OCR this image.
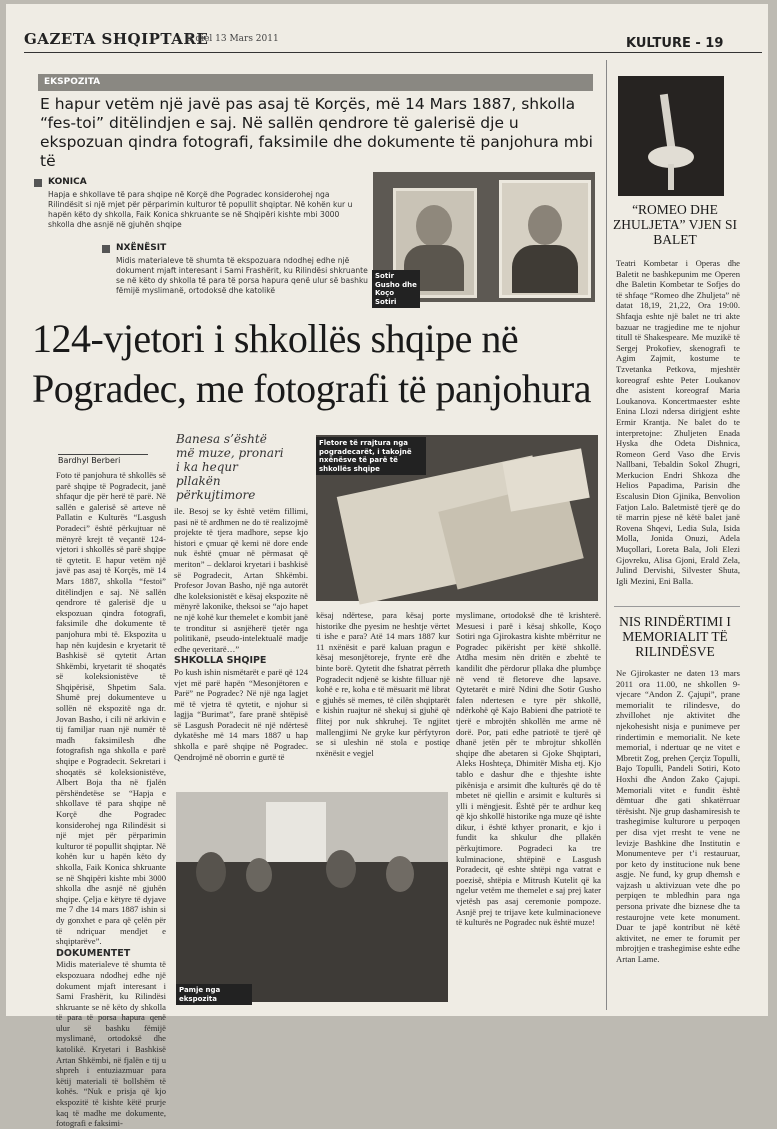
GAZETA SHQIPTARE
E diel 13 Mars 2011	KULTURE - 19
EKSPOZITA
E hapur vetëm një javë pas asaj të Korçës, më 14 Mars 1887, shkolla “fes-toi” ditëlindjen e saj. Në sallën qendrore të galerisë dje u ekspozuan qindra fotografi, faksimile dhe dokumente të panjohura mbi të
KONICA
Hapja e shkollave të para shqipe në Korçë dhe Pogradec konsiderohej nga Rilindësit si një mjet për përparimin kulturor të popullit shqiptar. Në kohën kur u hapën këto dy shkolla, Faik Konica shkruante se në Shqipëri kishte mbi 3000 shkolla dhe asnjë në gjuhën shqipe
NXËNËSIT
Midis materialeve të shumta të ekspozuara ndodhej edhe një dokument mjaft interesant i Sami Frashërit, ku Rilindësi shkruante se në këto dy shkolla të para të porsa hapura qenë ulur së bashku fëmijë myslimanë, ortodoksë dhe katolikë
Sotir Gusho dhe Koço Sotiri
124-vjetori i shkollës shqipe në Pogradec, me fotografi të panjohura
Bardhyl Berberi
Banesa s’është më muze, pronari i ka hequr pllakën përkujtimore
Fletore të rrajtura nga pogradecarët, i takojnë nxënësve të parë të shkollës shqipe
Foto të panjohura të shkollës së parë shqipe të Pogradecit, janë shfaqur dje për herë të parë. Në sallën e galerisë së arteve në Pallatin e Kulturës “Lasgush Poradeci” është përkujtuar në mënyrë krejt të veçantë 124-vjetori i shkollës së parë shqipe të qytetit. E hapur vetëm një javë pas asaj të Korçës, më 14 Mars 1887, shkolla “festoi” ditëlindjen e saj. Në sallën qendrore të galerisë dje u ekspozuan qindra fotografi, faksimile dhe dokumente të panjohura mbi të. Ekspozita u hap nën kujdesin e kryetarit të Bashkisë së qytetit Artan Shkëmbi, kryetarit të shoqatës së koleksionistëve të Shqipërisë, Shpetim Sala. Shumë prej dokumenteve u sollën në ekspozitë nga dr. Jovan Basho, i cili në arkivin e tij familjar ruan një numër të madh faksimilesh dhe fotografish nga shkolla e parë shqipe e Pogradecit. Sekretari i shoqatës së koleksionistëve, Albert Boja tha në fjalën përshëndetëse se “Hapja e shkollave të para shqipe në Korçë dhe Pogradec konsiderohej nga Rilindësit si një mjet për përparimin kulturor të popullit shqiptar. Në kohën kur u hapën këto dy shkolla, Faik Konica shkruante se në Shqipëri kishte mbi 3000 shkolla dhe asnjë në gjuhën shqipe. Çelja e këtyre të dyjave me 7 dhe 14 mars 1887 ishin si dy gonxhet e para që çelën për të ndriçuar mendjet e shqiptarëve”.
DOKUMENTET
Midis materialeve të shumta të ekspozuara ndodhej edhe një dokument mjaft interesant i Sami Frashërit, ku Rilindësi shkruante se në këto dy shkolla të para të porsa hapura qenë ulur së bashku fëmijë myslimanë, ortodoksë dhe katolikë. Kryetari i Bashkisë Artan Shkëmbi, në fjalën e tij u shpreh i entuziazmuar para këtij materiali të bollshëm të kohës. “Nuk e prisja që kjo ekspozitë të kishte këtë prurje kaq të madhe me dokumente, fotografi e faksimi-
ile. Besoj se ky është vetëm fillimi, pasi në të ardhmen ne do të realizojmë projekte të tjera madhore, sepse kjo histori e çmuar që kemi në dore ende nuk është çmuar në përmasat që meriton” – deklaroi kryetari i bashkisë së Pogradecit, Artan Shkëmbi. Profesor Jovan Basho, një nga autorët dhe koleksionistët e kësaj ekspozite në mënyrë lakonike, theksoi se “ajo hapet ne një kohë kur themelet e kombit janë te tronditur si asnjëherë tjetër nga politikanë, pseudo-intelektualë madje edhe qeveritarë…”
SHKOLLA SHQIPE
Po kush ishin nismëtarët e parë që 124 vjet më parë hapën “Mesonjëtoren e Parë” ne Pogradec? Në një nga lagjet më të vjetra të qytetit, e njohur si lagjja “Burimat”, fare pranë shtëpisë së Lasgush Poradecit në një ndërtesë dykatëshe më 14 mars 1887 u hap shkolla e parë shqipe në Pogradec. Qendrojmë në oborrin e gurtë të
kësaj ndërtese, para kësaj porte historike dhe pyesim ne heshtje vërtet ti ishe e para? Atë 14 mars 1887 kur 11 nxënësit e parë kaluan pragun e kësaj mesonjëtoreje, frynte erë dhe binte borë. Qytetit dhe fshatrat përreth Pogradecit ndjenë se kishte filluar një kohë e re, koha e të mësuarit më librat e gjuhës së memes, të cilën shqiptarët e kishin ruajtur në shekuj si gjuhë që flitej por nuk shkruhej. Te ngjitet mallengjimi Ne gryke kur përfytyron se si uleshin në stola e postiqe nxënësit e vegjel
myslimane, ortodoksë dhe të krishterë. Mesuesi i parë i kësaj shkolle, Koço Sotiri nga Gjirokastra kishte mbërritur ne Pogradec pikërisht per këtë shkollë. Atdha mesim nën dritën e zbehtë te kandilit dhe përdorur pllaka dhe plumbçe në vend të fletoreve dhe lapsave. Qytetarët e mirë Ndini dhe Sotir Gusho falen ndertesen e tyre për shkollë, ndërkohë që Kajo Babieni dhe patriotë te tjerë e mbrojtën shkollën me arme në dorë. Por, pati edhe patriotë te tjerë që dhanë jetën për te mbrojtur shkollën shqipe dhe abetaren si Gjoke Shqiptari, Aleks Hoshteça, Dhimitër Misha etj. Kjo tablo e dashur dhe e thjeshte ishte pikënisja e arsimit dhe kulturës që do të mbetet në qiellin e arsimit e kulturës si ylli i mëngjesit. Është për te ardhur keq që kjo shkollë historike nga muze që ishte dikur, i është kthyer pronarit, e kjo i fundit ka shkulur dhe pllakën përkujtimore. Pogradeci ka tre kulminacione, shtëpinë e Lasgush Poradecit, që eshte shtëpi nga vatrat e poezisë, shtëpia e Mitrush Kutelit që ka ngelur vetëm me themelet e saj prej kater vjetësh pas asaj ceremonie pompoze. Asnjë prej te trijave kete kulminacioneve të kulturës ne Pogradec nuk është muze!
Pamje nga ekspozita
“ROMEO DHE ZHULJETA” VJEN SI BALET
Teatri Kombetar i Operas dhe Baletit ne bashkepunim me Operen dhe Baletin Kombetar te Sofjes do të shfaqe “Romeo dhe Zhuljeta” në datat 18,19, 21,22, Ora 19:00. Shfaqja eshte një balet ne tri akte bazuar ne tragjedine me te njohur titull të Shakespeare. Me muzikë të Sergej Prokofiev, skenografi te Agim Zajmit, kostume te Tzvetanka Petkova, mjeshtër koreograf eshte Peter Loukanov dhe asistent koreograf Maria Loukanova. Koncertmaester eshte Enina Llozi ndersa dirigjent eshte Ermir Krantja. Ne balet do te interpretojne: Zhuljeten Enada Hyska dhe Odeta Dishnica, Romeon Gerd Vaso dhe Ervis Nallbani, Tebaldin Sokol Zhugri, Merkucion Endri Shkoza dhe Helios Papadima, Parisin dhe Escalusin Dion Gjinika, Benvolion Fatjon Lalo. Baletmistë tjerë qe do të marrin pjese në këtë balet janë Rovena Shqevi, Ledia Sula, Isida Molla, Jonida Onuzi, Adela Muçollari, Loreta Bala, Joli Elezi Gjovreku, Alisa Gjoni, Erald Zela, Julind Dervishi, Silvester Shuta, Igli Mezini, Eni Balla.
NIS RINDËRTIMI I MEMORIALIT TË RILINDËSVE
Ne Gjirokaster ne daten 13 mars 2011 ora 11.00, ne shkollen 9-vjecare “Andon Z. Çajupi”, prane memorialit te rilindesve, do zhvillohet nje aktivitet dhe njekohesisht nisja e punimeve per rindertimin e memorialit. Ne kete memorial, i ndertuar qe ne vitet e Mbretit Zog, prehen Çerçiz Topulli, Bajo Topulli, Pandeli Sotiri, Koto Hoxhi dhe Andon Zako Çajupi. Memoriali vitet e fundit është dëmtuar dhe gati shkatërruar tërësisht. Nje grup dashamiresish te trashegimise kulturore u perpoqen per disa vjet rresht te vene ne levizje Bashkine dhe Institutin e Monumenteve per t’i restauruar, por keto dy institucione nuk bene asgje. Ne fund, ky grup dhemsh e vajzash u aktivizuan vete dhe po perpiqen te mbledhin para nga persona private dhe biznese dhe ta restaurojne vete kete monument. Duar te japë kontribut në këtë aktivitet, ne emer te forumit per mbrojtjen e trashegimise eshte edhe Artan Lame.
